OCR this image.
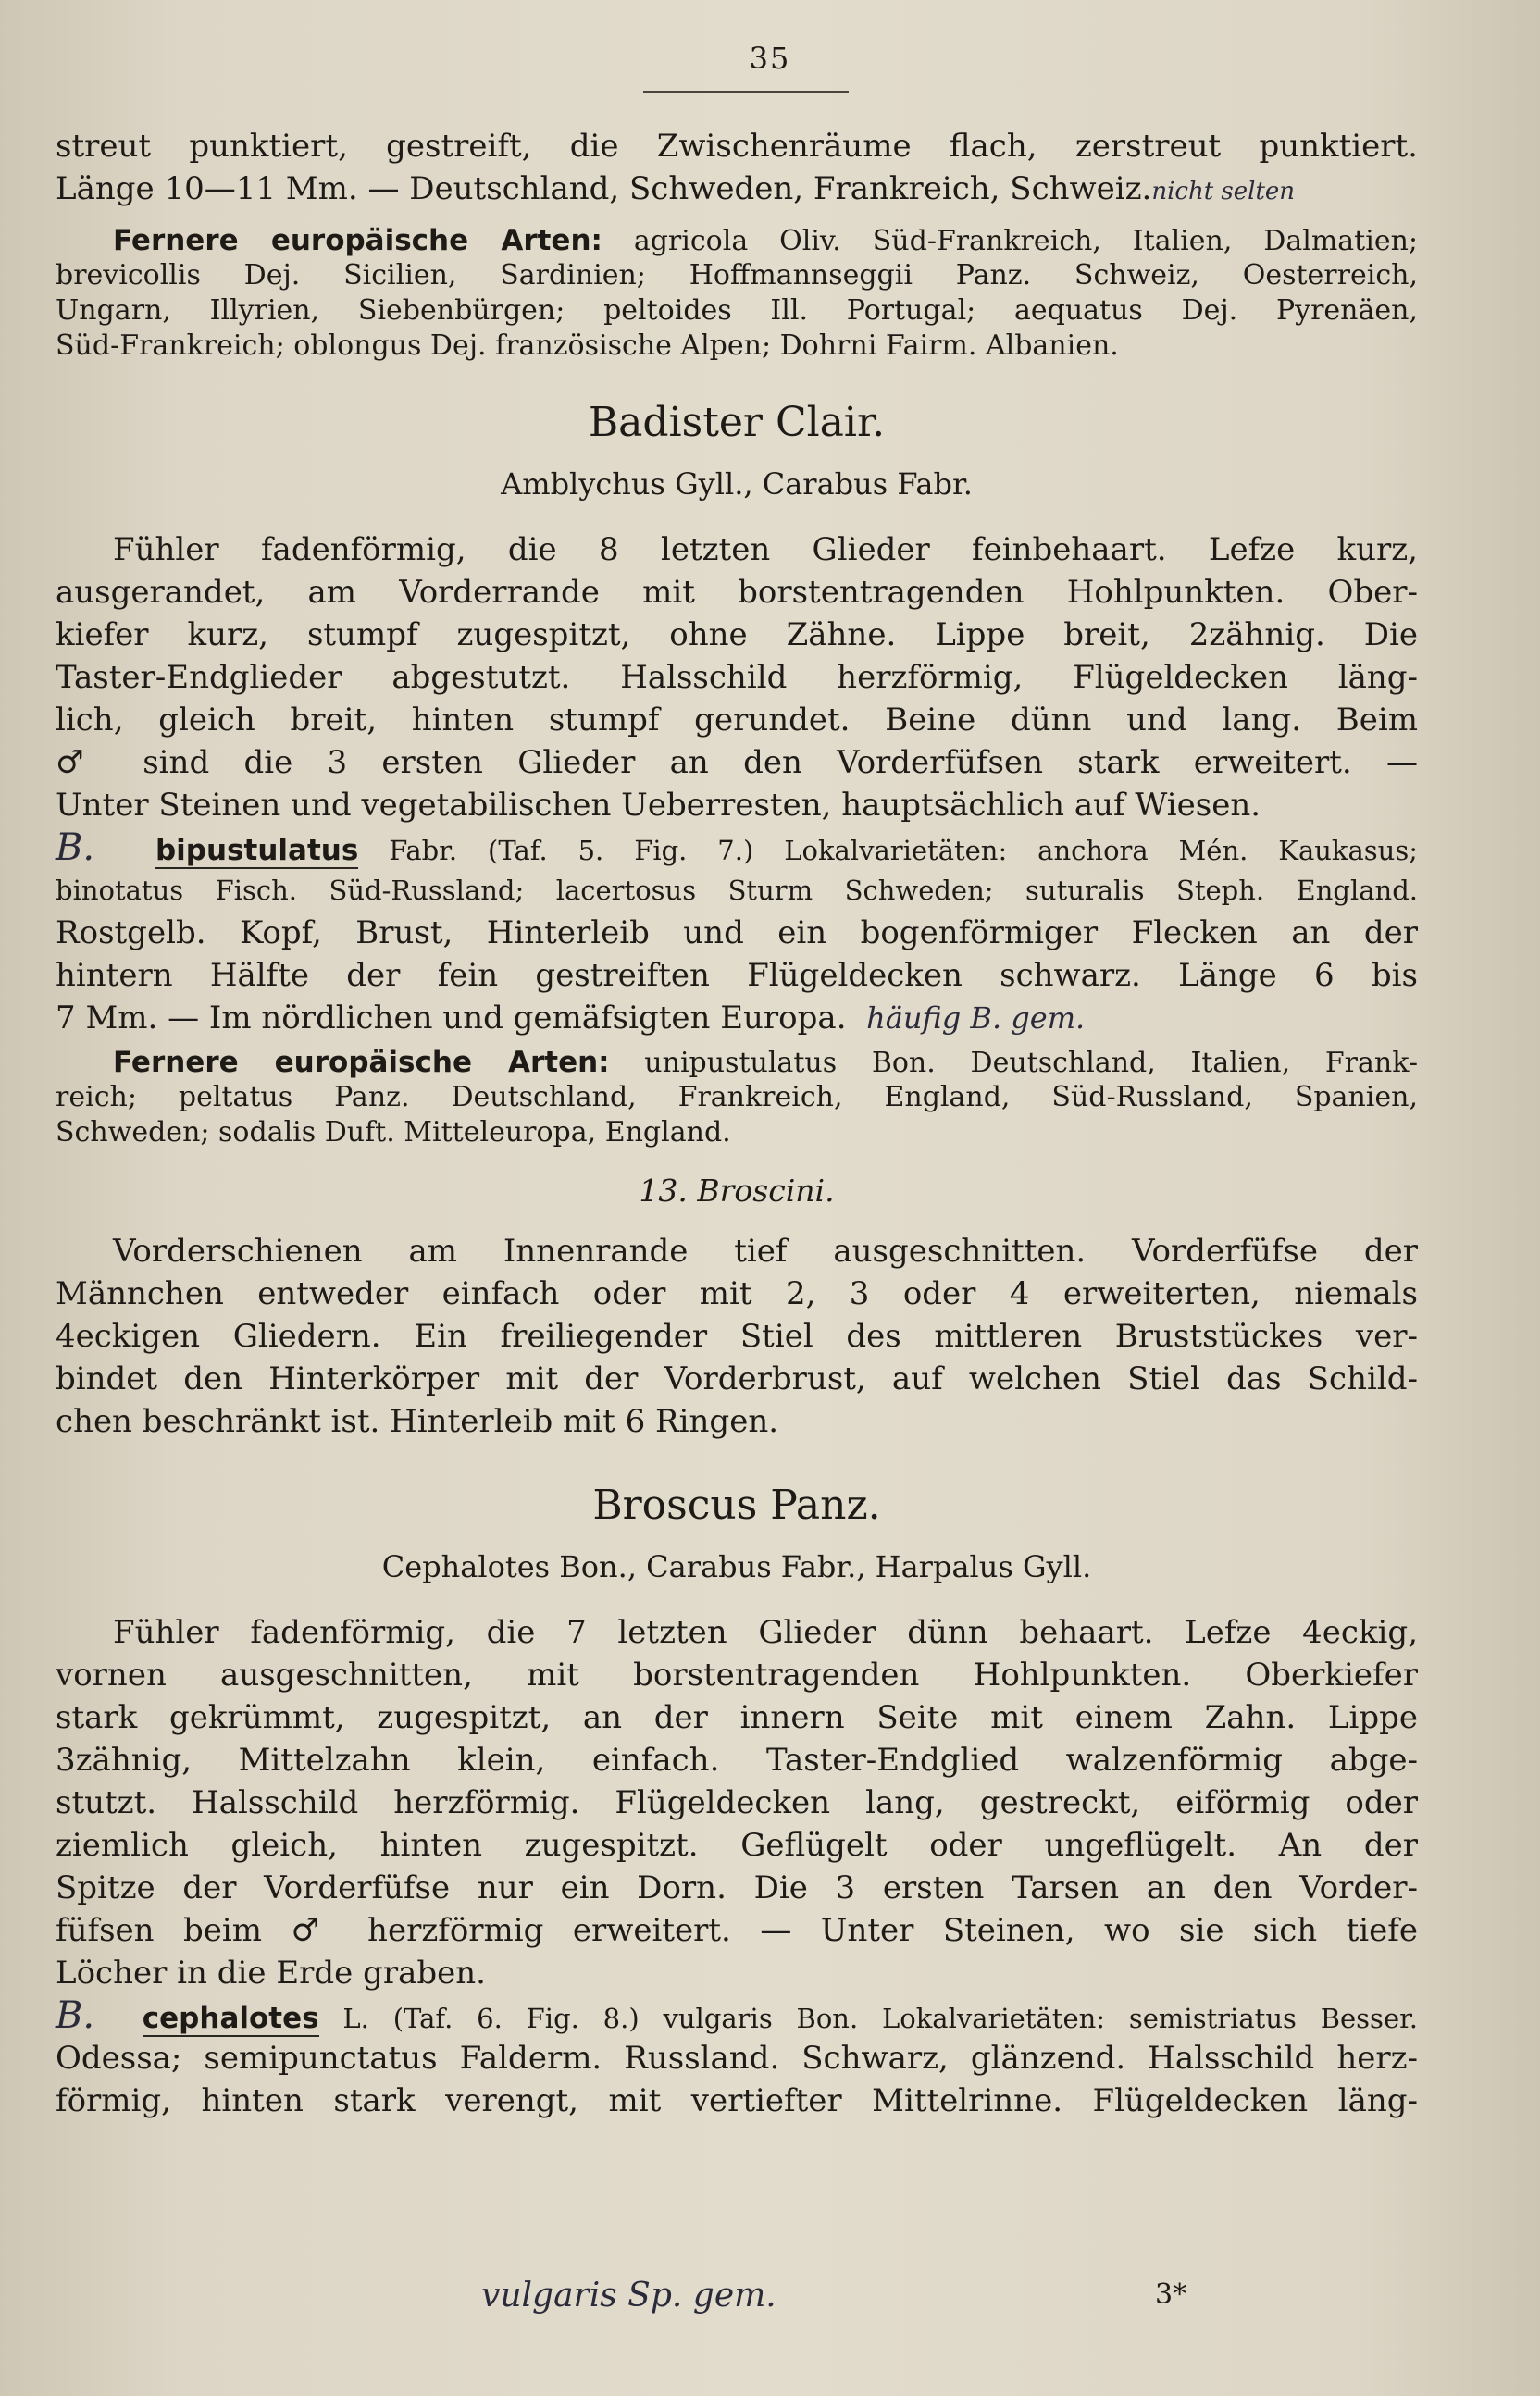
35
streut punktiert, gestreift, die Zwischenräume flach, zerstreut punktiert.
Länge 10—11 Mm. — Deutschland, Schweden, Frankreich, Schweiz.nicht selten
Fernere europäische Arten: agricola Oliv. Süd-Frankreich, Italien, Dalmatien;
brevicollis Dej. Sicilien, Sardinien; Hoffmannseggii Panz. Schweiz, Oesterreich,
Ungarn, Illyrien, Siebenbürgen; peltoides Ill. Portugal; aequatus Dej. Pyrenäen,
Süd-Frankreich; oblongus Dej. französische Alpen; Dohrni Fairm. Albanien.
Badister Clair.
Amblychus Gyll., Carabus Fabr.
Fühler fadenförmig, die 8 letzten Glieder feinbehaart. Lefze kurz,
ausgerandet, am Vorderrande mit borstentragenden Hohlpunkten. Ober-
kiefer kurz, stumpf zugespitzt, ohne Zähne. Lippe breit, 2zähnig. Die
Taster-Endglieder abgestutzt. Halsschild herzförmig, Flügeldecken läng-
lich, gleich breit, hinten stumpf gerundet. Beine dünn und lang. Beim
♂ sind die 3 ersten Glieder an den Vorderfüfsen stark erweitert. —
Unter Steinen und vegetabilischen Ueberresten, hauptsächlich auf Wiesen.
B. bipustulatus Fabr. (Taf. 5. Fig. 7.) Lokalvarietäten: anchora Mén. Kaukasus;
binotatus Fisch. Süd-Russland; lacertosus Sturm Schweden; suturalis Steph. England.
Rostgelb. Kopf, Brust, Hinterleib und ein bogenförmiger Flecken an der
hintern Hälfte der fein gestreiften Flügeldecken schwarz. Länge 6 bis
7 Mm. — Im nördlichen und gemäfsigten Europa. häufig B. gem.
Fernere europäische Arten: unipustulatus Bon. Deutschland, Italien, Frank-
reich; peltatus Panz. Deutschland, Frankreich, England, Süd-Russland, Spanien,
Schweden; sodalis Duft. Mitteleuropa, England.
13. Broscini.
Vorderschienen am Innenrande tief ausgeschnitten. Vorderfüfse der
Männchen entweder einfach oder mit 2, 3 oder 4 erweiterten, niemals
4eckigen Gliedern. Ein freiliegender Stiel des mittleren Bruststückes ver-
bindet den Hinterkörper mit der Vorderbrust, auf welchen Stiel das Schild-
chen beschränkt ist. Hinterleib mit 6 Ringen.
Broscus Panz.
Cephalotes Bon., Carabus Fabr., Harpalus Gyll.
Fühler fadenförmig, die 7 letzten Glieder dünn behaart. Lefze 4eckig,
vornen ausgeschnitten, mit borstentragenden Hohlpunkten. Oberkiefer
stark gekrümmt, zugespitzt, an der innern Seite mit einem Zahn. Lippe
3zähnig, Mittelzahn klein, einfach. Taster-Endglied walzenförmig abge-
stutzt. Halsschild herzförmig. Flügeldecken lang, gestreckt, eiförmig oder
ziemlich gleich, hinten zugespitzt. Geflügelt oder ungeflügelt. An der
Spitze der Vorderfüfse nur ein Dorn. Die 3 ersten Tarsen an den Vorder-
füfsen beim ♂ herzförmig erweitert. — Unter Steinen, wo sie sich tiefe
Löcher in die Erde graben.
B. cephalotes L. (Taf. 6. Fig. 8.) vulgaris Bon. Lokalvarietäten: semistriatus Besser.
Odessa; semipunctatus Falderm. Russland. Schwarz, glänzend. Halsschild herz-
förmig, hinten stark verengt, mit vertiefter Mittelrinne. Flügeldecken läng-
vulgaris Sp. gem.	3*
